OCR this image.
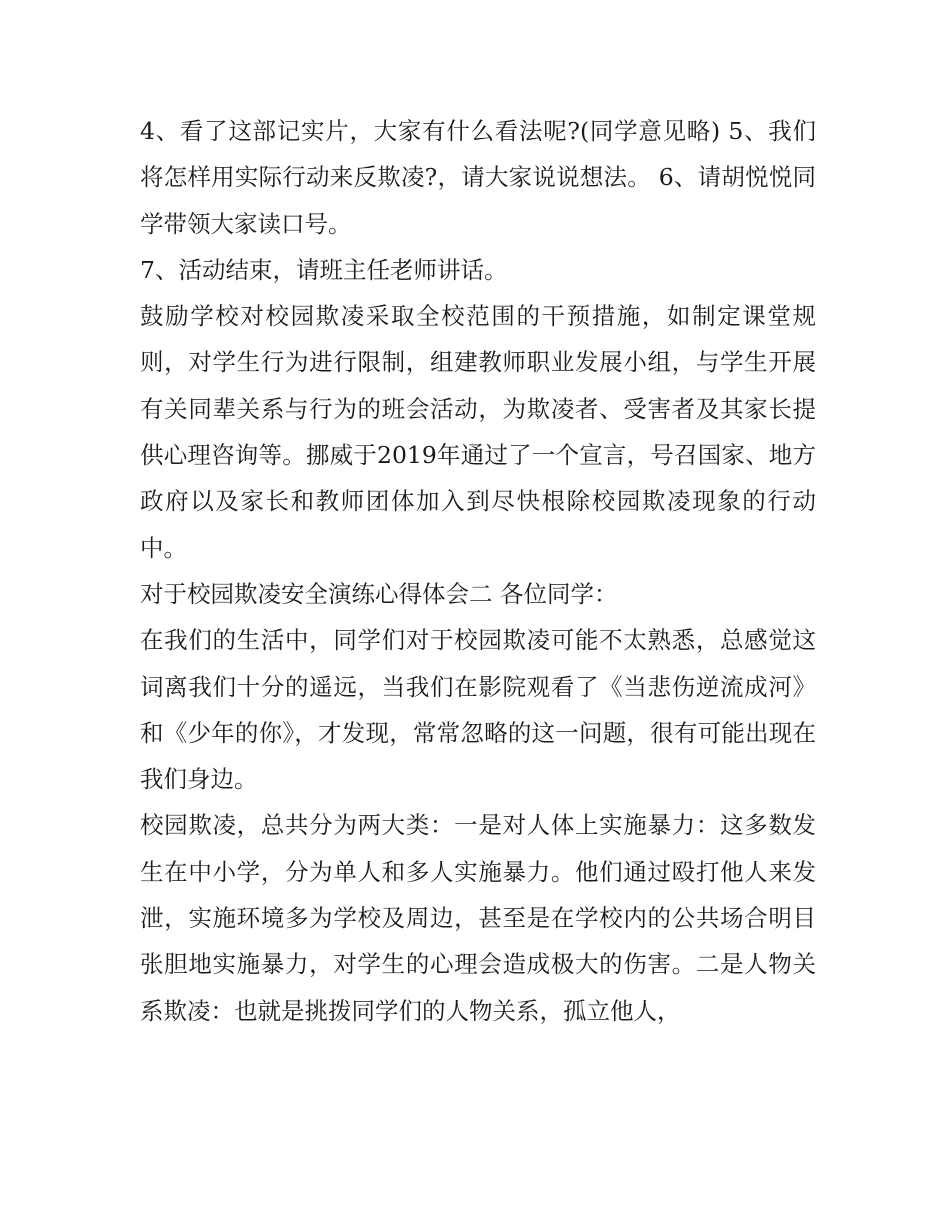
4、看了这部记实片，大家有什么看法呢?(同学意见略) 5、我们将怎样用实际行动来反欺凌?，请大家说说想法。 6、请胡悦悦同学带领大家读口号。

7、活动结束，请班主任老师讲话。

鼓励学校对校园欺凌采取全校范围的干预措施，如制定课堂规则，对学生行为进行限制，组建教师职业发展小组，与学生开展有关同辈关系与行为的班会活动，为欺凌者、受害者及其家长提供心理咨询等。挪威于2019年通过了一个宣言，号召国家、地方政府以及家长和教师团体加入到尽快根除校园欺凌现象的行动中。

对于校园欺凌安全演练心得体会二 各位同学：

在我们的生活中，同学们对于校园欺凌可能不太熟悉，总感觉这词离我们十分的遥远，当我们在影院观看了《当悲伤逆流成河》和《少年的你》，才发现，常常忽略的这一问题，很有可能出现在我们身边。

校园欺凌，总共分为两大类：一是对人体上实施暴力：这多数发生在中小学，分为单人和多人实施暴力。他们通过殴打他人来发泄，实施环境多为学校及周边，甚至是在学校内的公共场合明目张胆地实施暴力，对学生的心理会造成极大的伤害。二是人物关系欺凌：也就是挑拨同学们的人物关系，孤立他人，
